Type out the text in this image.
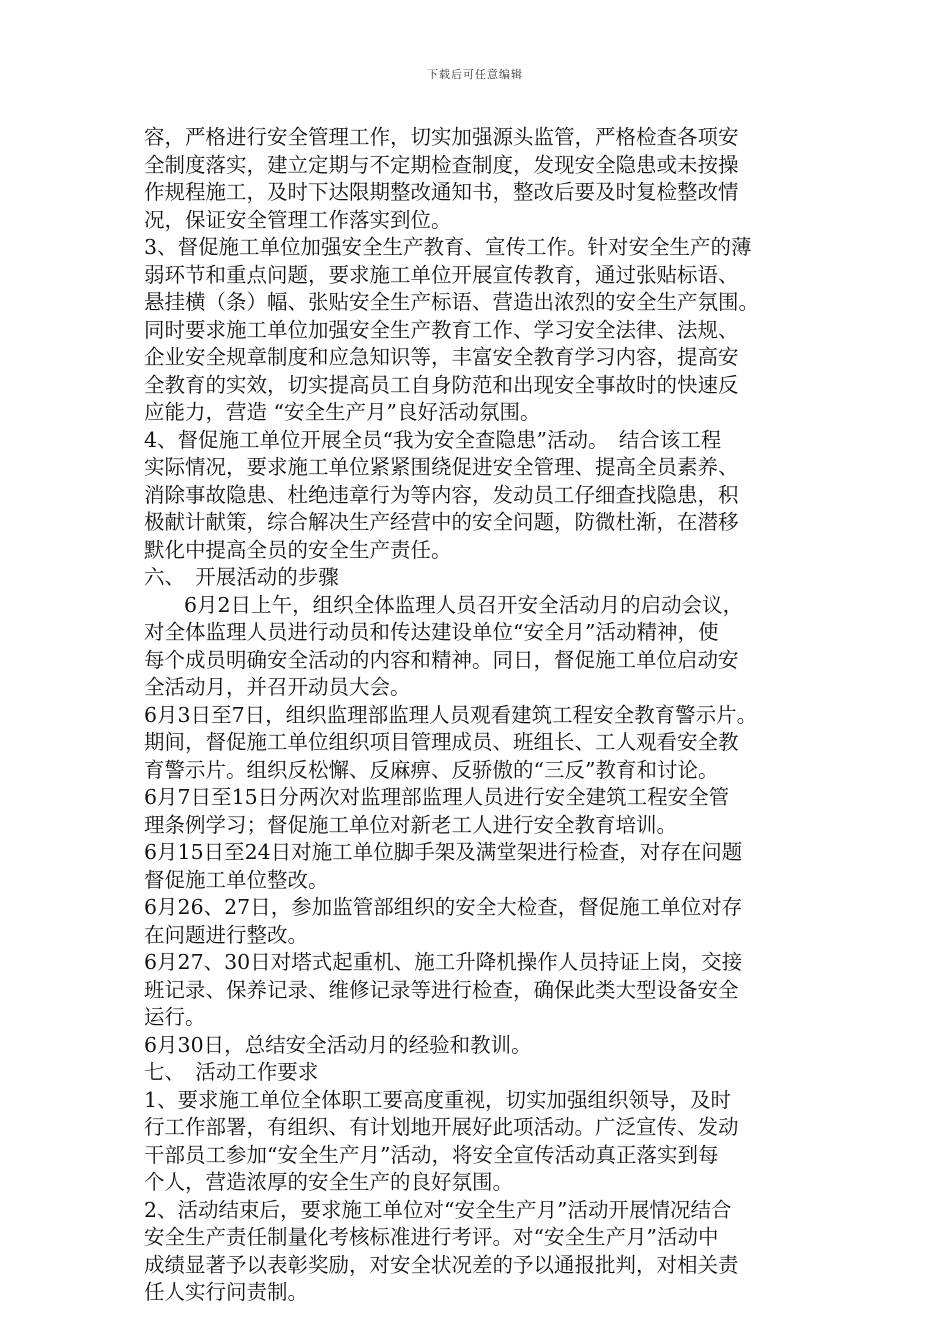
下载后可任意编辑
容，严格进行安全管理工作，切实加强源头监管，严格检查各项安
全制度落实，建立定期与不定期检查制度，发现安全隐患或未按操
作规程施工，及时下达限期整改通知书，整改后要及时复检整改情
况，保证安全管理工作落实到位。
3、督促施工单位加强安全生产教育、宣传工作。针对安全生产的薄
弱环节和重点问题，要求施工单位开展宣传教育，通过张贴标语、
悬挂横（条）幅、张贴安全生产标语、营造出浓烈的安全生产氛围。
同时要求施工单位加强安全生产教育工作、学习安全法律、法规、
企业安全规章制度和应急知识等，丰富安全教育学习内容，提高安
全教育的实效，切实提高员工自身防范和出现安全事故时的快速反
应能力，营造 “安全生产月”良好活动氛围。
4、督促施工单位开展全员“我为安全查隐患”活动。　结合该工程
实际情况，要求施工单位紧紧围绕促进安全管理、提高全员素养、
消除事故隐患、杜绝违章行为等内容，发动员工仔细查找隐患，积
极献计献策，综合解决生产经营中的安全问题，防微杜渐，在潜移
默化中提高全员的安全生产责任。
六、　开展活动的步骤
6月2日上午，组织全体监理人员召开安全活动月的启动会议，
对全体监理人员进行动员和传达建设单位“安全月”活动精神，使
每个成员明确安全活动的内容和精神。同日，督促施工单位启动安
全活动月，并召开动员大会。
6月3日至7日，组织监理部监理人员观看建筑工程安全教育警示片。
期间，督促施工单位组织项目管理成员、班组长、工人观看安全教
育警示片。组织反松懈、反麻痹、反骄傲的“三反”教育和讨论。
6月7日至15日分两次对监理部监理人员进行安全建筑工程安全管
理条例学习；督促施工单位对新老工人进行安全教育培训。
6月15日至24日对施工单位脚手架及满堂架进行检查，对存在问题
督促施工单位整改。
6月26、27日，参加监管部组织的安全大检查，督促施工单位对存
在问题进行整改。
6月27、30日对塔式起重机、施工升降机操作人员持证上岗，交接
班记录、保养记录、维修记录等进行检查，确保此类大型设备安全
运行。
6月30日，总结安全活动月的经验和教训。
七、　活动工作要求
1、要求施工单位全体职工要高度重视，切实加强组织领导，及时
行工作部署，有组织、有计划地开展好此项活动。广泛宣传、发动
干部员工参加“安全生产月”活动，将安全宣传活动真正落实到每
个人，营造浓厚的安全生产的良好氛围。
2、活动结束后，要求施工单位对“安全生产月”活动开展情况结合
安全生产责任制量化考核标准进行考评。对“安全生产月”活动中
成绩显著予以表彰奖励，对安全状况差的予以通报批判，对相关责
任人实行问责制。
